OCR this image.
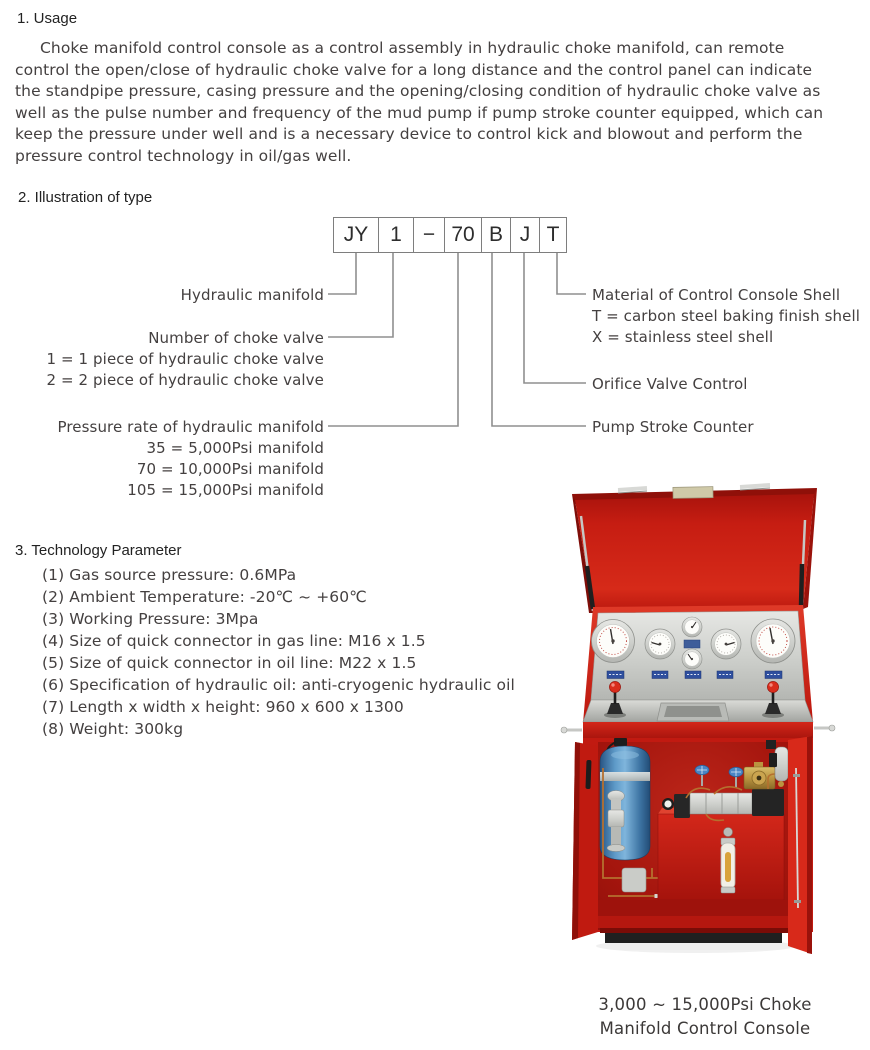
1. Usage
Choke manifold control console as a control assembly in hydraulic choke manifold, can remote
control the open/close of hydraulic choke valve for a long distance and the control panel can indicate
the standpipe pressure, casing pressure and the opening/closing condition of hydraulic choke valve as
well as the pulse number and frequency of the mud pump if pump stroke counter equipped, which can
keep the pressure under well and is a necessary device to control kick and blowout and perform the
pressure control technology in oil/gas well.
2. Illustration of type
JY	1	− 70 B J T
Hydraulic manifold
Number of choke valve
1 = 1 piece of hydraulic choke valve
2 = 2 piece of hydraulic choke valve
Pressure rate of hydraulic manifold
35 = 5,000Psi manifold
70 = 10,000Psi manifold
105 = 15,000Psi manifold
Material of Control Console Shell
T = carbon steel baking finish shell
X = stainless steel shell
Orifice Valve Control
Pump Stroke Counter
3. Technology Parameter
(1) Gas source pressure: 0.6MPa
(2) Ambient Temperature: -20℃ ~ +60℃
(3) Working Pressure: 3Mpa
(4) Size of quick connector in gas line: M16 x 1.5
(5) Size of quick connector in oil line: M22 x 1.5
(6) Specification of hydraulic oil: anti-cryogenic hydraulic oil
(7) Length x width x height: 960 x 600 x 1300
(8) Weight: 300kg
3,000 ~ 15,000Psi Choke
Manifold Control Console
